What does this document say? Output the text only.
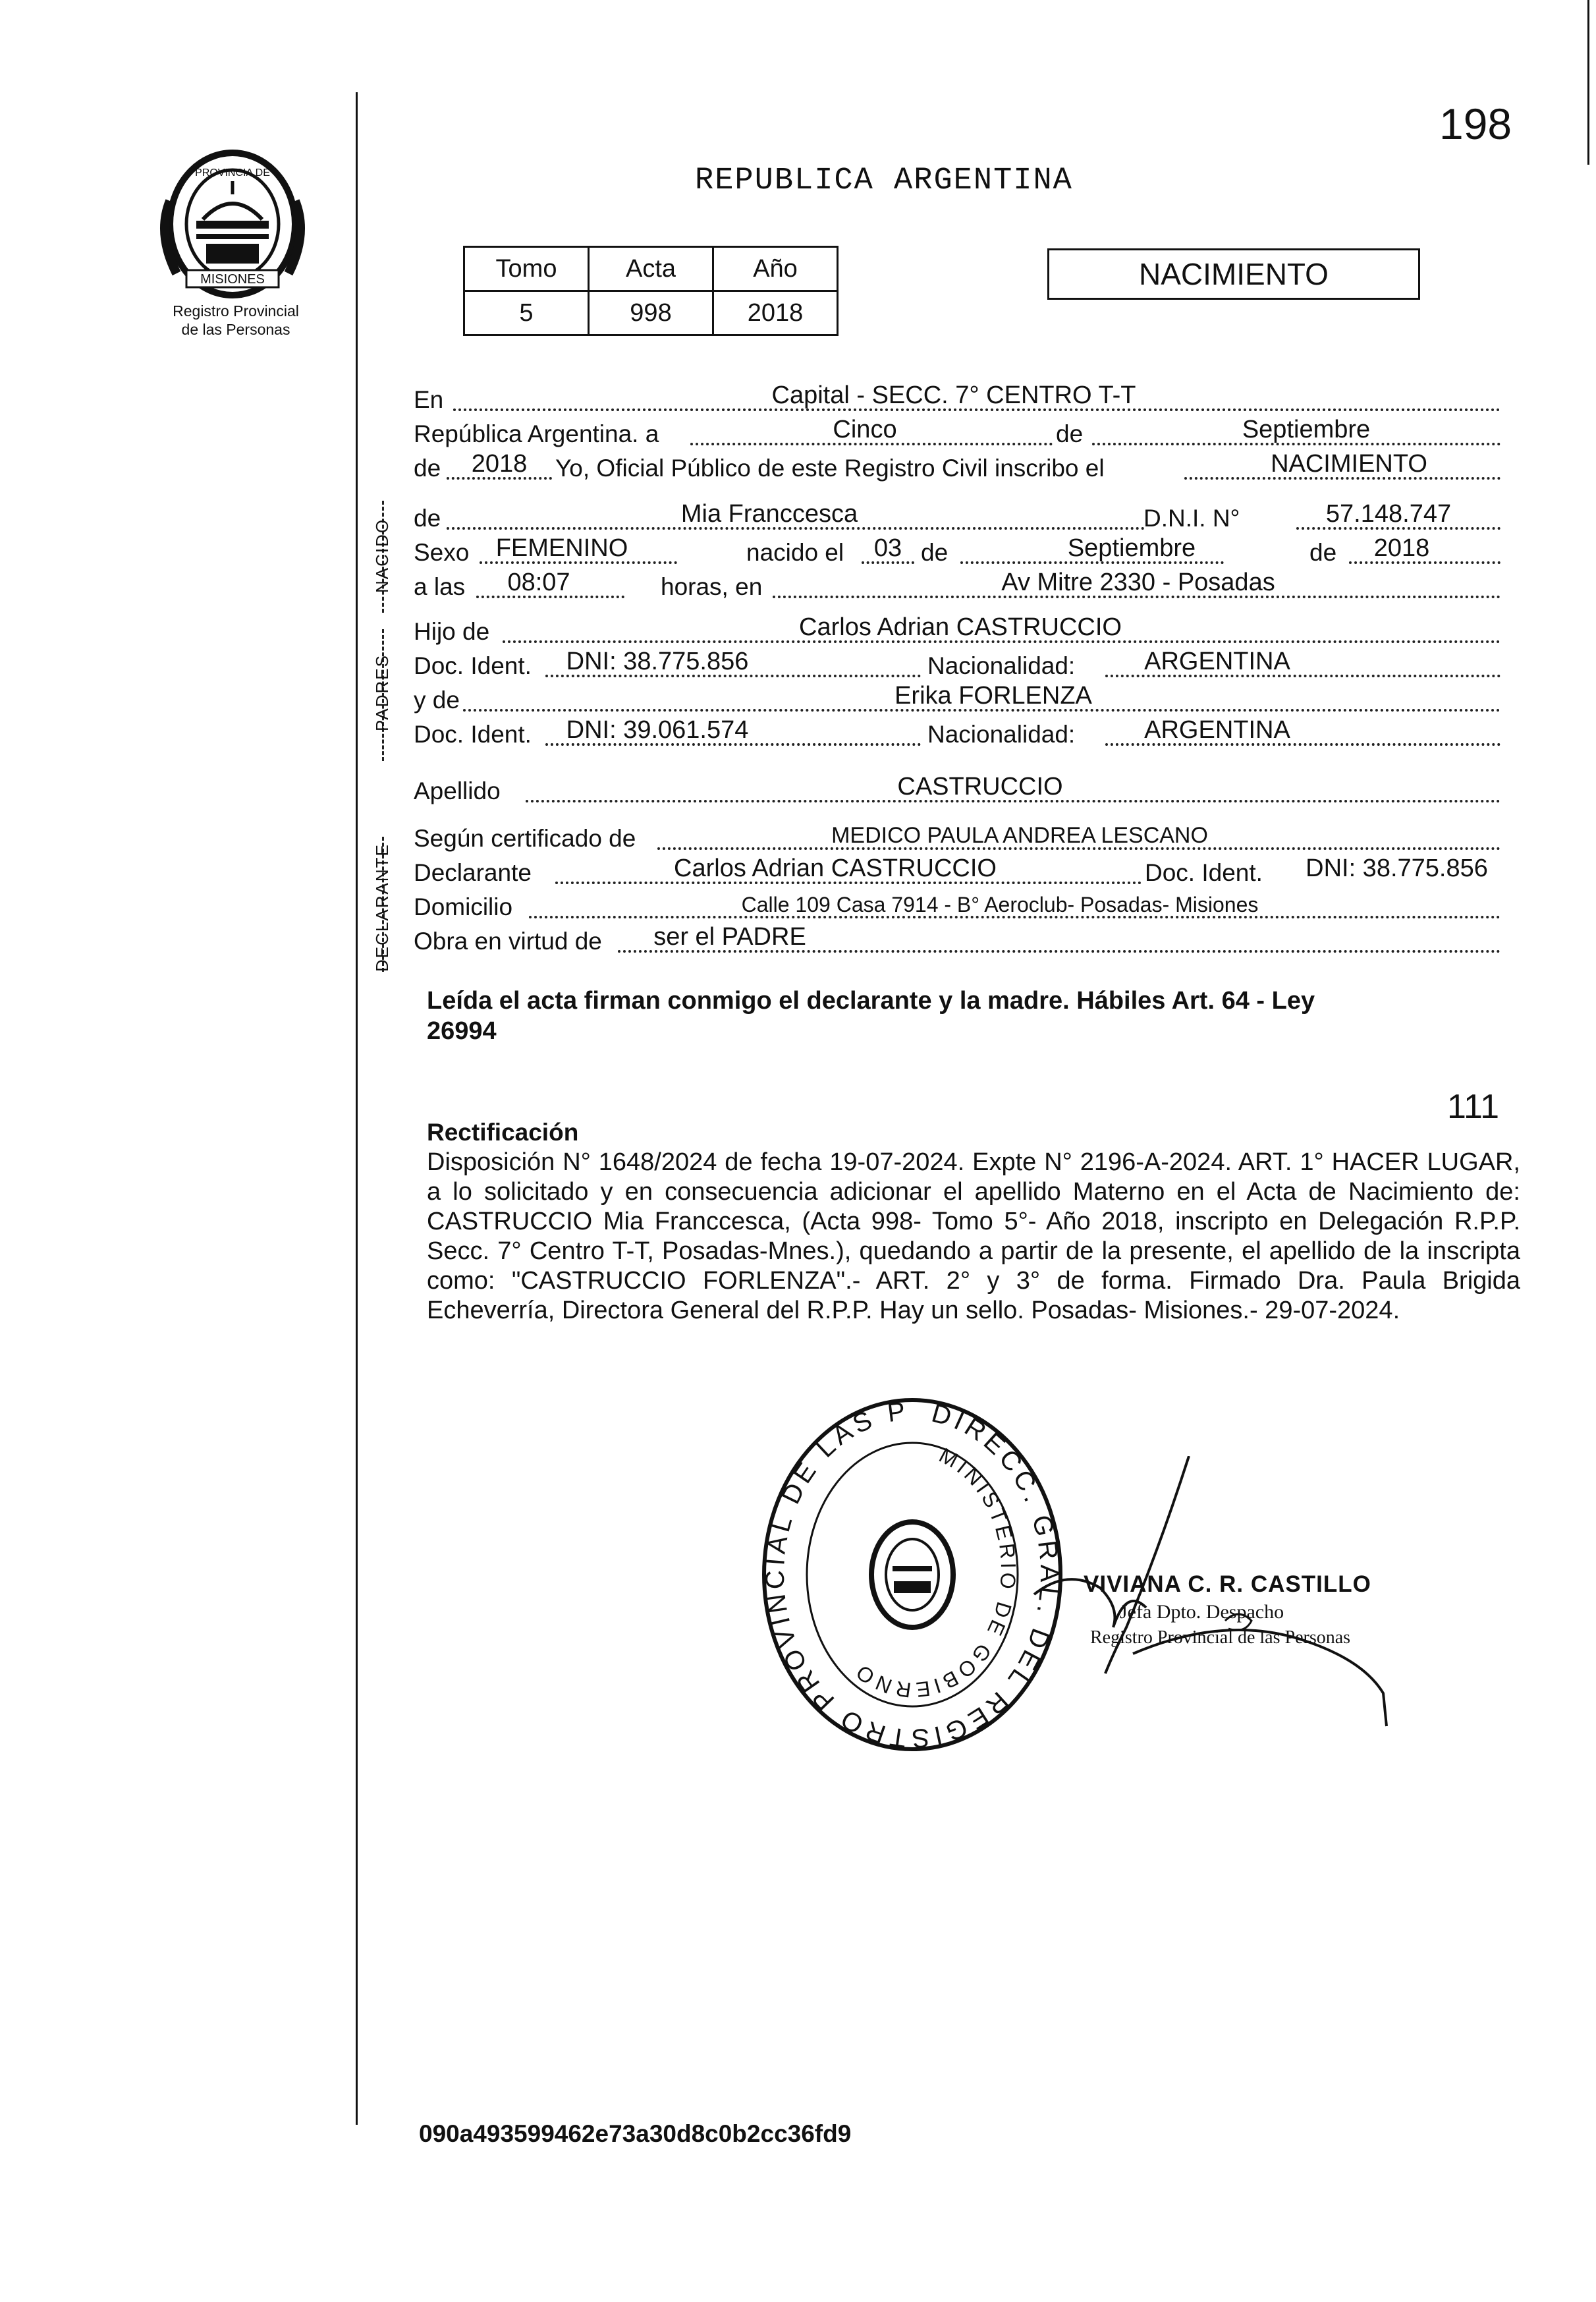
PROVINCIA DE
MISIONES
Registro Provincial
de las Personas
198
REPUBLICA ARGENTINA
Tomo	Acta	Año
5	998	2018
NACIMIENTO
En	Capital - SECC. 7° CENTRO T-T
República Argentina. a	Cinco	de	Septiembre
de	2018	Yo, Oficial Público de este Registro Civil inscribo el	NACIMIENTO
NACIDO
de	Mia Franccesca	D.N.I. N°	57.148.747
Sexo	FEMENINO	nacido el	03 de	Septiembre	de	2018
a las	08:07	horas, en	Av Mitre 2330 - Posadas
PADRES
Hijo de	Carlos Adrian CASTRUCCIO
Doc. Ident.	DNI: 38.775.856	Nacionalidad:	ARGENTINA
y de	Erika FORLENZA
Doc. Ident.	DNI: 39.061.574	Nacionalidad:	ARGENTINA
Apellido	CASTRUCCIO
DECLARANTE
Según certificado de	MEDICO PAULA ANDREA LESCANO
Declarante	Carlos Adrian CASTRUCCIO	Doc. Ident.	DNI: 38.775.856
Domicilio	Calle 109 Casa 7914 - B° Aeroclub- Posadas- Misiones
Obra en virtud de	ser el PADRE
Leída el acta firman conmigo el declarante y la madre. Hábiles Art. 64 - Ley
26994
111
Rectificación
Disposición N° 1648/2024 de fecha 19-07-2024. Expte N° 2196-A-2024. ART. 1° HACER LUGAR, a lo solicitado y en consecuencia adicionar el apellido Materno en el Acta de Nacimiento de: CASTRUCCIO Mia Franccesca, (Acta 998- Tomo 5°- Año 2018, inscripto en Delegación R.P.P. Secc. 7° Centro T-T, Posadas-Mnes.), quedando a partir de la presente, el apellido de la inscripta como: "CASTRUCCIO FORLENZA".- ART. 2° y 3° de forma. Firmado Dra. Paula Brigida Echeverría, Directora General del R.P.P. Hay un sello. Posadas- Misiones.- 29-07-2024.
DIRECC. GRAL. DEL REGISTRO PROVINCIAL DE LAS P
MINISTERIO DE GOBIERNO
VIVIANA C. R. CASTILLO
Jefa Dpto. Despacho
Registro Provincial de las Personas
090a493599462e73a30d8c0b2cc36fd9
